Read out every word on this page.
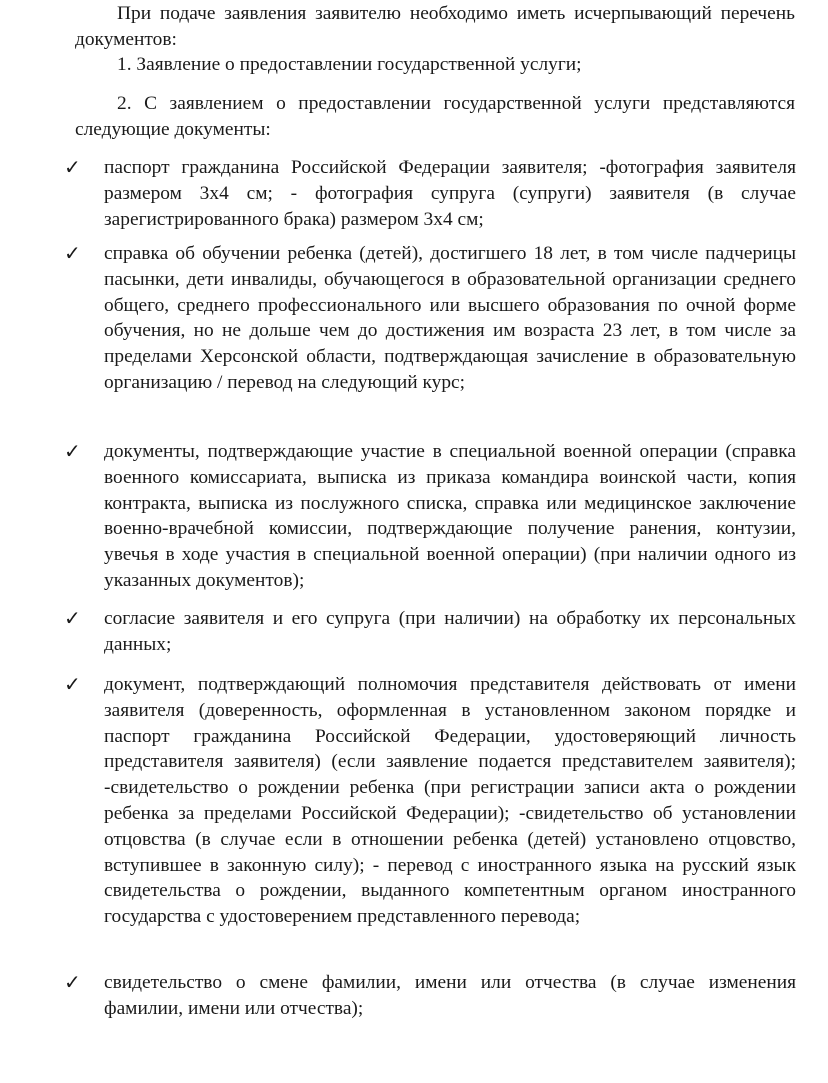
При подаче заявления заявителю необходимо иметь исчерпывающий перечень документов:

1. Заявление о предоставлении государственной услуги;

2. С заявлением о предоставлении государственной услуги представляются следующие документы:

✓ паспорт гражданина Российской Федерации заявителя; -фотография заявителя размером 3х4 см; - фотография супруга (супруги) заявителя (в случае зарегистрированного брака) размером 3х4 см;

✓ справка об обучении ребенка (детей), достигшего 18 лет, в том числе падчерицы пасынки, дети инвалиды, обучающегося в образовательной организации среднего общего, среднего профессионального или высшего образования по очной форме обучения, но не дольше чем до достижения им возраста 23 лет, в том числе за пределами Херсонской области, подтверждающая зачисление в образовательную организацию / перевод на следующий курс;

✓ документы, подтверждающие участие в специальной военной операции (справка военного комиссариата, выписка из приказа командира воинской части, копия контракта, выписка из послужного списка, справка или медицинское заключение военно-врачебной комиссии, подтверждающие получение ранения, контузии, увечья в ходе участия в специальной военной операции) (при наличии одного из указанных документов);

✓ согласие заявителя и его супруга (при наличии) на обработку их персональных данных;

✓ документ, подтверждающий полномочия представителя действовать от имени заявителя (доверенность, оформленная в установленном законом порядке и паспорт гражданина Российской Федерации, удостоверяющий личность представителя заявителя) (если заявление подается представителем заявителя); -свидетельство о рождении ребенка (при регистрации записи акта о рождении ребенка за пределами Российской Федерации); -свидетельство об установлении отцовства (в случае если в отношении ребенка (детей) установлено отцовство, вступившее в законную силу); - перевод с иностранного языка на русский язык свидетельства о рождении, выданного компетентным органом иностранного государства с удостоверением представленного перевода;

✓ свидетельство о смене фамилии, имени или отчества (в случае изменения фамилии, имени или отчества);
